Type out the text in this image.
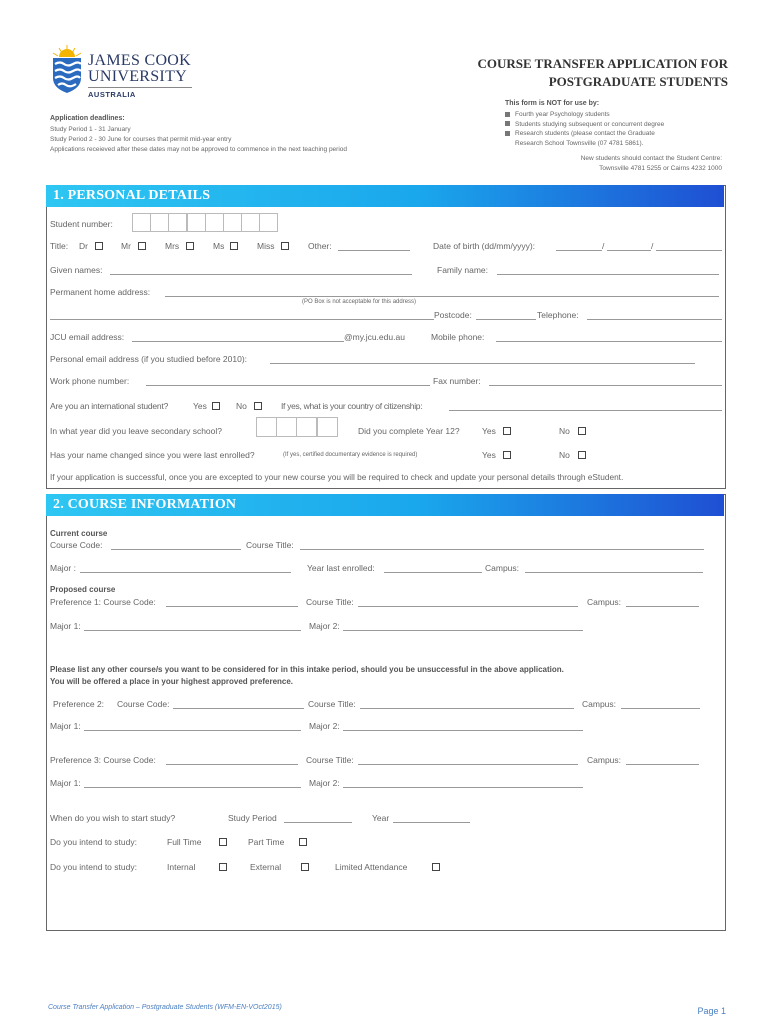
JAMES COOK
UNIVERSITY
AUSTRALIA
COURSE TRANSFER APPLICATION FOR
POSTGRADUATE STUDENTS
This form is NOT for use by:
Fourth year Psychology students
Students studying subsequent or concurrent degree
Research students (please contact the Graduate
Research School Townsville (07 4781 5861).
New students should contact the Student Centre:
Townsville 4781 5255 or Cairns 4232 1000
Application deadlines:
Study Period 1 - 31 January
Study Period 2 - 30 June for courses that permit mid-year entry
Applications receieved after these dates may not be approved to commence in the next teaching period
1. PERSONAL DETAILS
Student number:
Title: Dr	Mr	Mrs	Ms	Miss	Other:	Date of birth (dd/mm/yyyy):	/	/
Given names:	Family name:
Permanent home address:
(PO Box is not acceptable for this address)
Postcode:	Telephone:
JCU email address:	@my.jcu.edu.au	Mobile phone:
Personal email address (if you studied before 2010):
Work phone number:	Fax number:
Are you an international student?	Yes	No	If yes, what is your country of citizenship:
In what year did you leave secondary school?	Did you complete Year 12?	Yes	No
Has your name changed since you were last enrolled?	(If yes, certified documentary evidence is required)	Yes	No
If your application is successful, once you are excepted to your new course you will be required to check and update your personal details through eStudent.
2. COURSE INFORMATION
Current course
Course Code:	Course Title:
Major :	Year last enrolled:	Campus:
Proposed course
Preference 1: Course Code:	Course Title:	Campus:
Major 1:	Major 2:
Please list any other course/s you want to be considered for in this intake period, should you be unsuccessful in the above application.
You will be offered a place in your highest approved preference.
Preference 2: Course Code:	Course Title:	Campus:
Major 1:	Major 2:
Preference 3: Course Code:	Course Title:	Campus:
Major 1:	Major 2:
When do you wish to start study?	Study Period	Year
Do you intend to study:	Full Time	Part Time
Do you intend to study:	Internal	External	Limited Attendance
Course Transfer Application – Postgraduate Students (WFM-EN-VOct2015)	Page 1
